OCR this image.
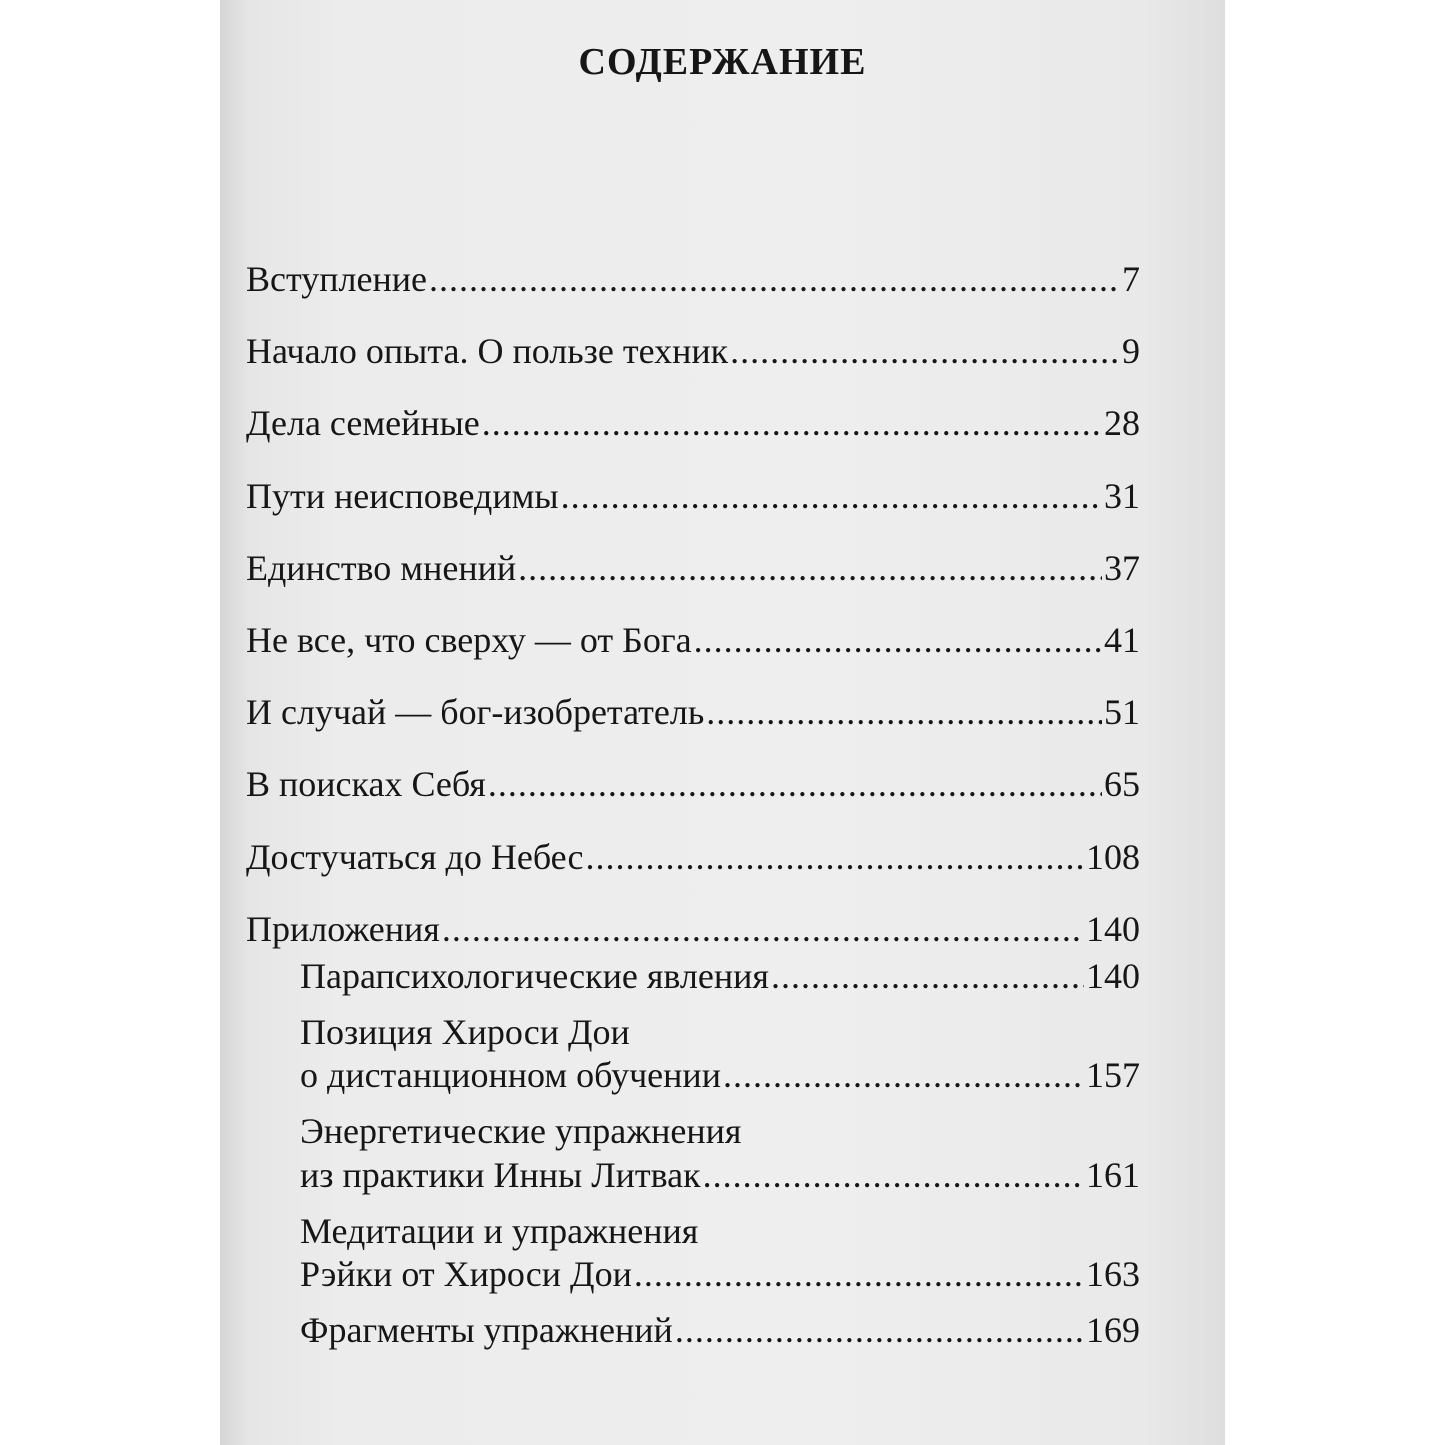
СОДЕРЖАНИЕ
Вступление .....	7
Начало опыта. О пользе техник .....	9
Дела семейные .....	28
Пути неисповедимы .....	31
Единство мнений .....	37
Не все, что сверху — от Бога .....	41
И случай — бог-изобретатель .....	51
В поисках Себя .....	65
Достучаться до Небес .....	108
Приложения .....	140
Парапсихологические явления .....	140
Позиция Хироси Дои
о дистанционном обучении .....	157
Энергетические упражнения
из практики Инны Литвак .....	161
Медитации и упражнения
Рэйки от Хироси Дои .....	163
Фрагменты упражнений .....	169
